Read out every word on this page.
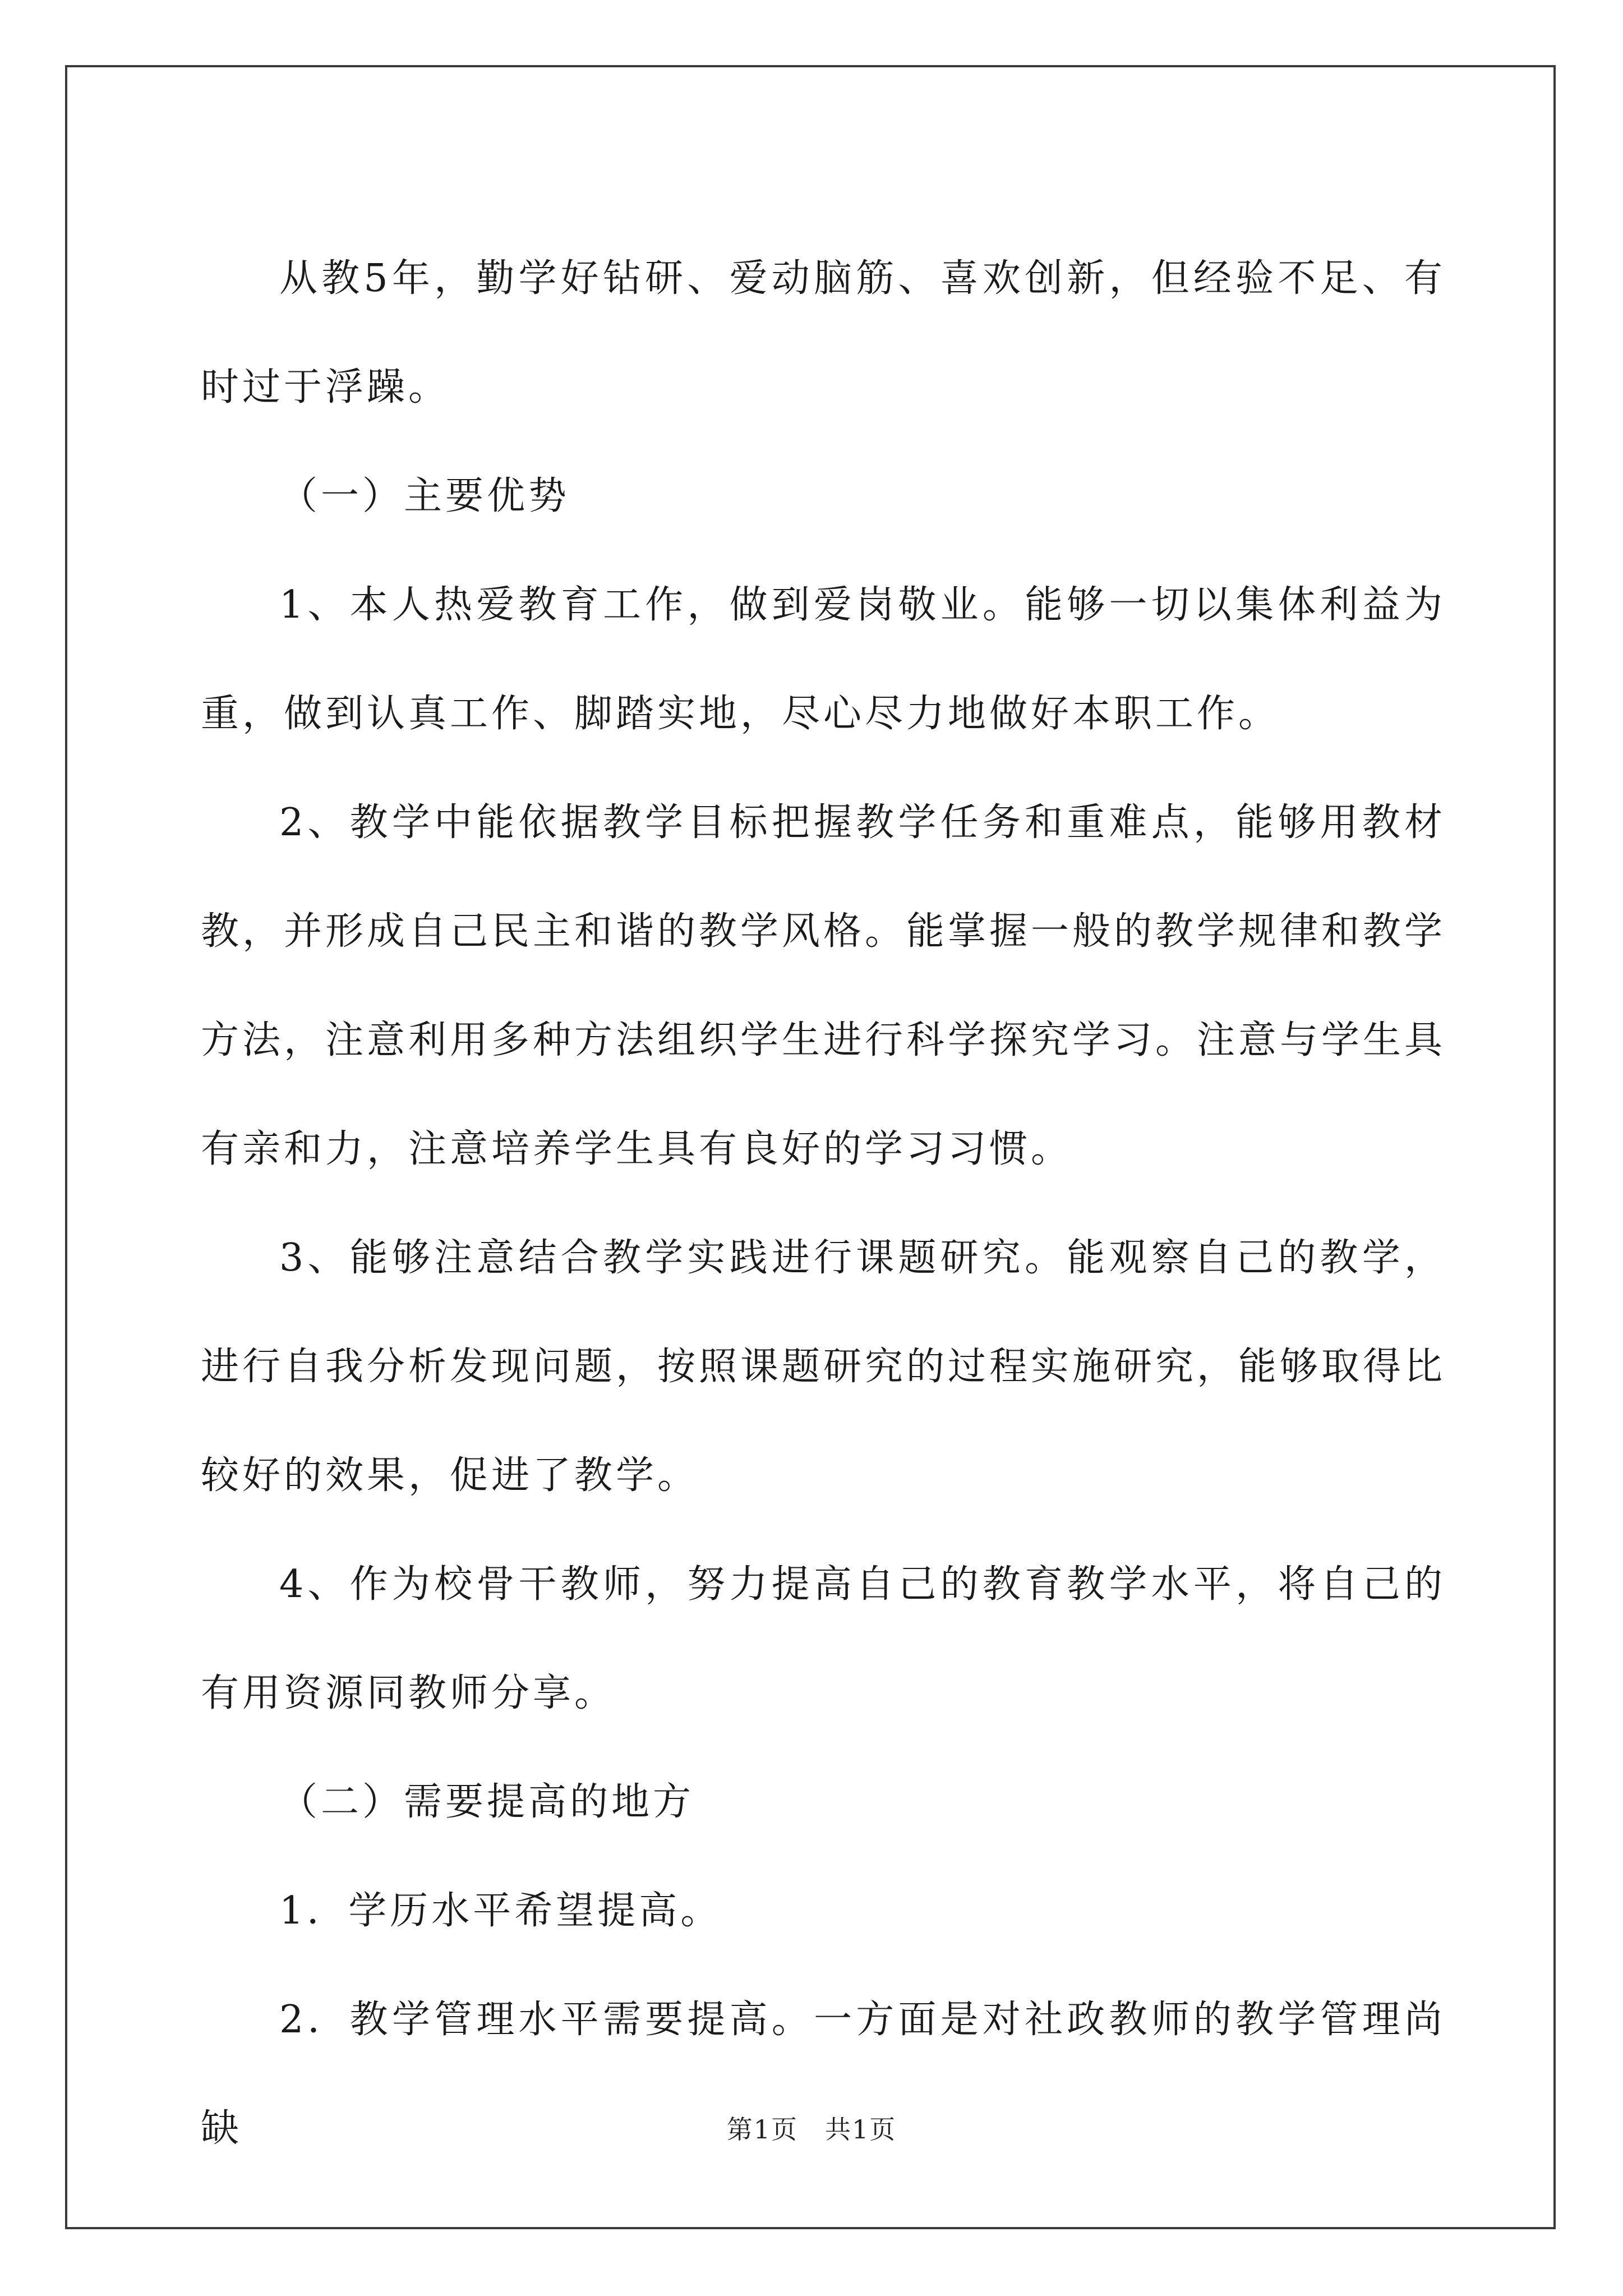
从教5年，勤学好钻研、爱动脑筋、喜欢创新，但经验不足、有时过于浮躁。

（一）主要优势

1、本人热爱教育工作，做到爱岗敬业。能够一切以集体利益为重，做到认真工作、脚踏实地，尽心尽力地做好本职工作。

2、教学中能依据教学目标把握教学任务和重难点，能够用教材教，并形成自己民主和谐的教学风格。能掌握一般的教学规律和教学方法，注意利用多种方法组织学生进行科学探究学习。注意与学生具有亲和力，注意培养学生具有良好的学习习惯。

3、能够注意结合教学实践进行课题研究。能观察自己的教学，进行自我分析发现问题，按照课题研究的过程实施研究，能够取得比较好的效果，促进了教学。

4、作为校骨干教师，努力提高自己的教育教学水平，将自己的有用资源同教师分享。

（二）需要提高的地方

1．学历水平希望提高。

2．教学管理水平需要提高。一方面是对社政教师的教学管理尚缺	第1页　共1页
